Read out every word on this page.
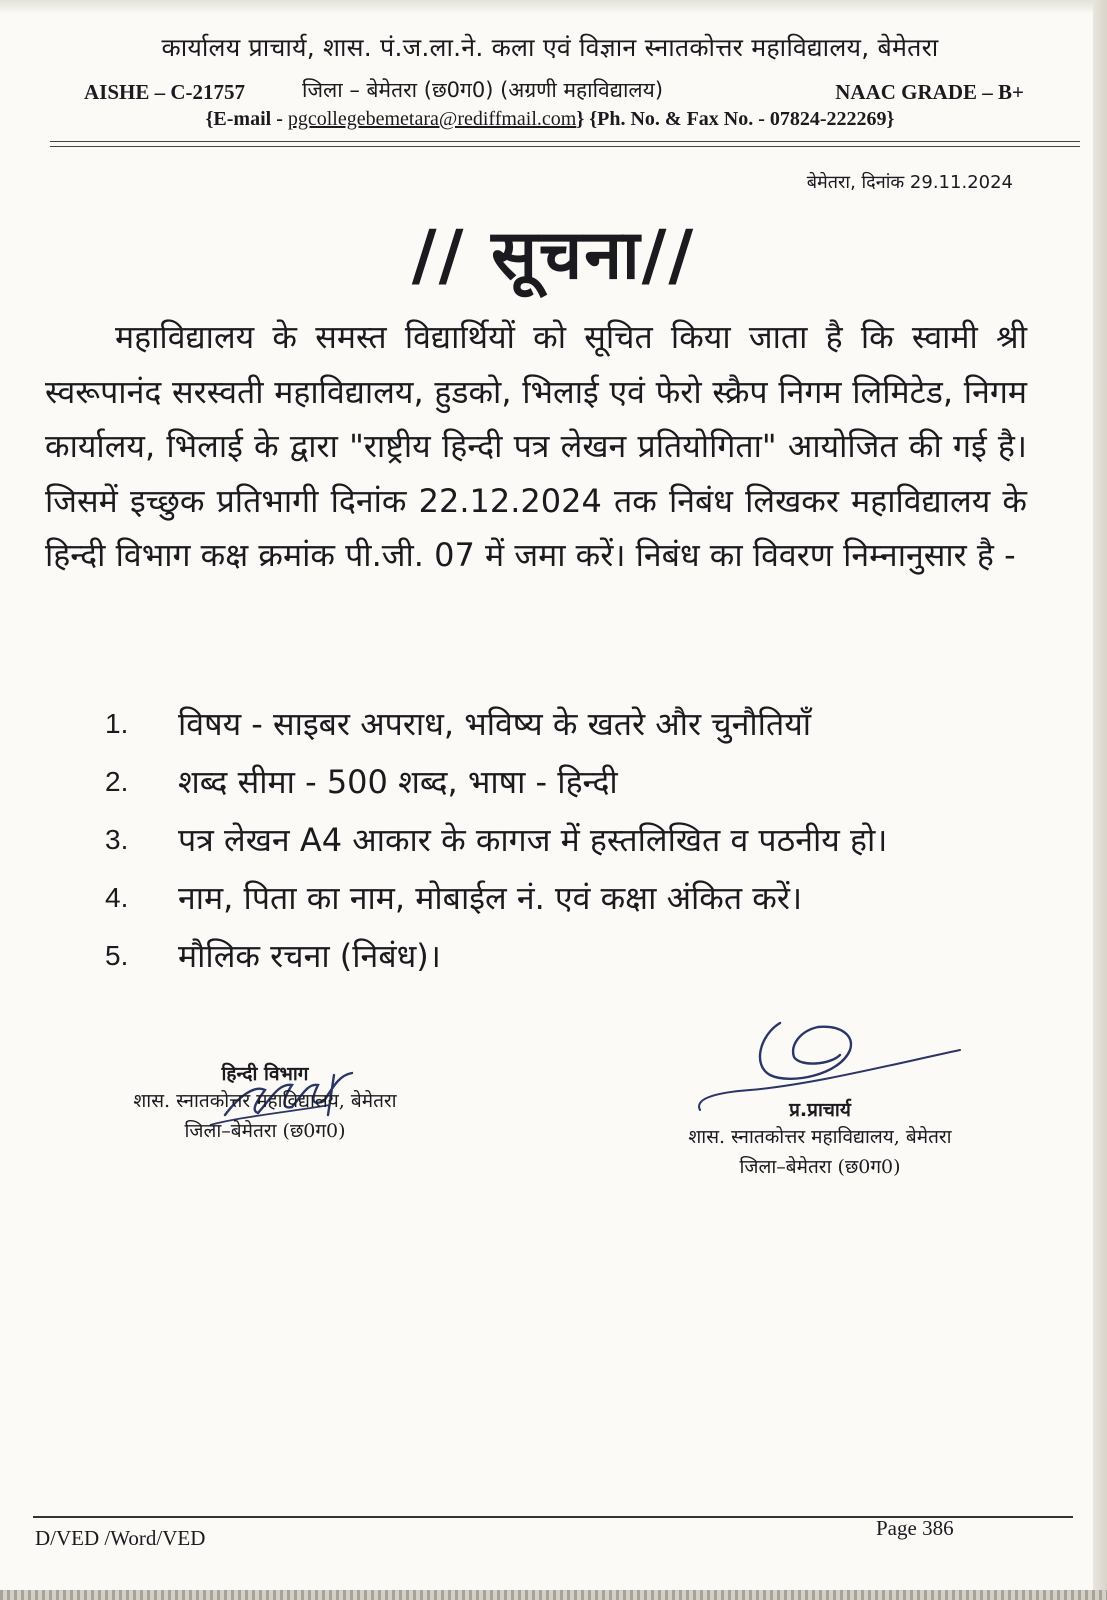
कार्यालय प्राचार्य, शास. पं.ज.ला.ने. कला एवं विज्ञान स्नातकोत्तर महाविद्यालय, बेमेतरा
AISHE – C-21757	जिला – बेमेतरा (छ0ग0) (अग्रणी महाविद्यालय)	NAAC GRADE – B+
{E-mail - pgcollegebemetara@rediffmail.com} {Ph. No. & Fax No. - 07824-222269}
बेमेतरा, दिनांक 29.11.2024
// सूचना//
महाविद्यालय के समस्त विद्यार्थियों को सूचित किया जाता है कि स्वामी श्री स्वरूपानंद सरस्वती महाविद्यालय, हुडको, भिलाई एवं फेरो स्क्रैप निगम लिमिटेड, निगम कार्यालय, भिलाई के द्वारा "राष्ट्रीय हिन्दी पत्र लेखन प्रतियोगिता" आयोजित की गई है। जिसमें इच्छुक प्रतिभागी दिनांक 22.12.2024 तक निबंध लिखकर महाविद्यालय के हिन्दी विभाग कक्ष क्रमांक पी.जी. 07 में जमा करें। निबंध का विवरण निम्नानुसार है -
1. विषय - साइबर अपराध, भविष्य के खतरे और चुनौतियाँ
2. शब्द सीमा - 500 शब्द, भाषा - हिन्दी
3. पत्र लेखन A4 आकार के कागज में हस्तलिखित व पठनीय हो।
4. नाम, पिता का नाम, मोबाईल नं. एवं कक्षा अंकित करें।
5. मौलिक रचना (निबंध)।
हिन्दी विभाग
शास. स्नातकोत्तर महाविद्यालय, बेमेतरा
जिला–बेमेतरा (छ0ग0)
प्र.प्राचार्य
शास. स्नातकोत्तर महाविद्यालय, बेमेतरा
जिला–बेमेतरा (छ0ग0)
D/VED /Word/VED	Page 386
